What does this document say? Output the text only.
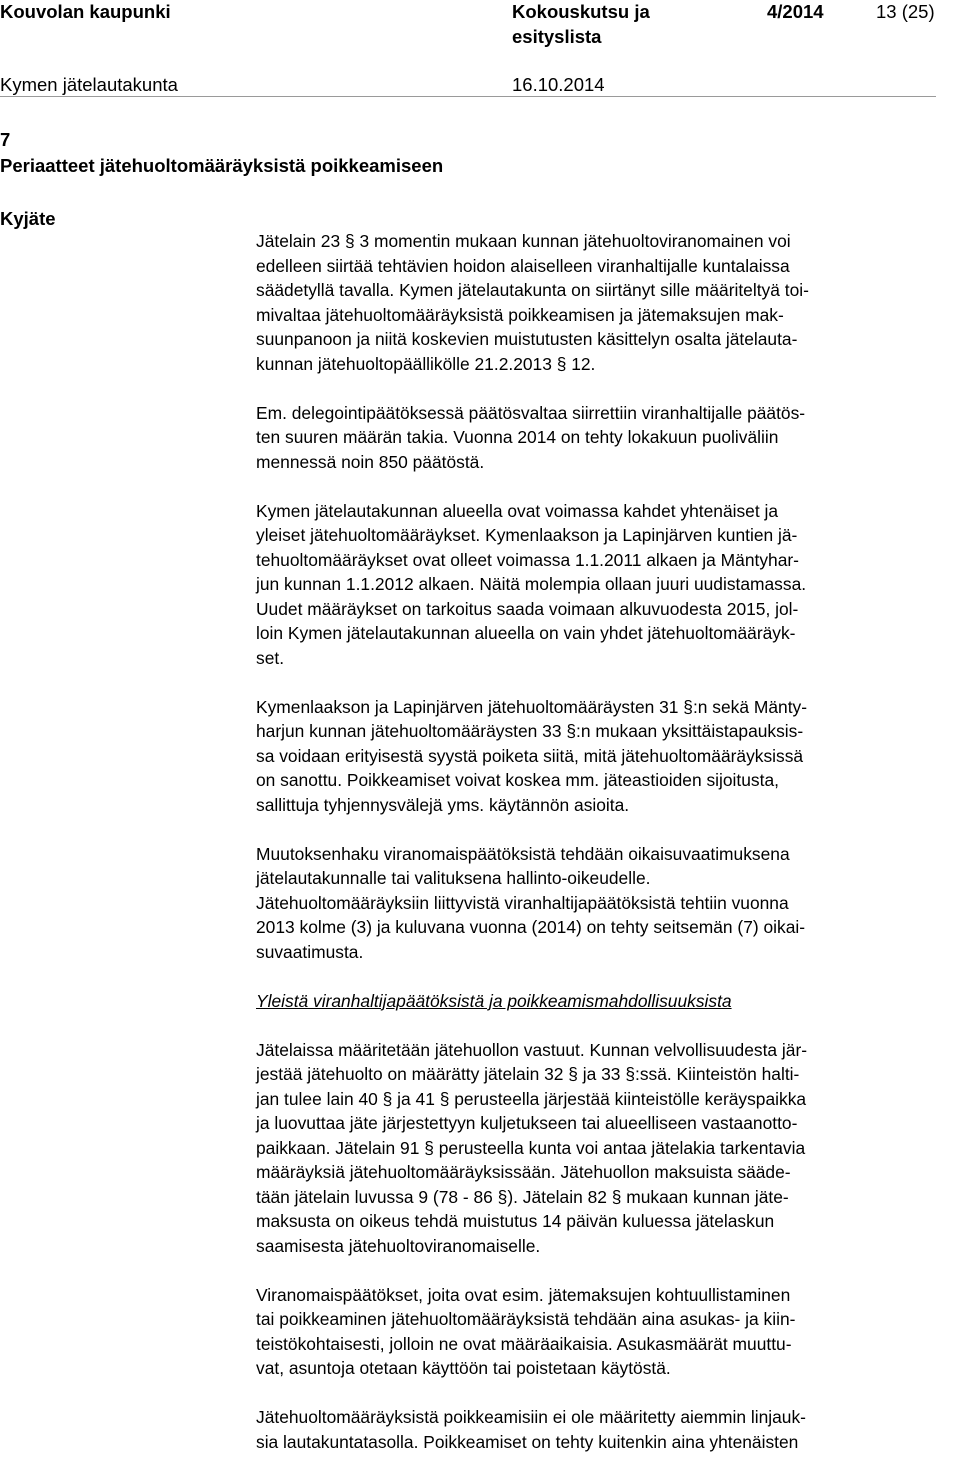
Kouvolan kaupunki	Kokouskutsu ja
esityslista
4/2014	13 (25)
Kymen jätelautakunta	16.10.2014
7
Periaatteet jätehuoltomääräyksistä poikkeamiseen
Kyjäte
Jätelain 23 § 3 momentin mukaan kunnan jätehuoltoviranomainen voi
edelleen siirtää tehtävien hoidon alaiselleen viranhaltijalle kuntalaissa
säädetyllä tavalla. Kymen jätelautakunta on siirtänyt sille määriteltyä toi-
mivaltaa jätehuoltomääräyksistä poikkeamisen ja jätemaksujen mak-
suunpanoon ja niitä koskevien muistutusten käsittelyn osalta jätelauta-
kunnan jätehuoltopäällikölle 21.2.2013 § 12.
Em. delegointipäätöksessä päätösvaltaa siirrettiin viranhaltijalle päätös-
ten suuren määrän takia. Vuonna 2014 on tehty lokakuun puoliväliin
mennessä noin 850 päätöstä.
Kymen jätelautakunnan alueella ovat voimassa kahdet yhtenäiset ja
yleiset jätehuoltomääräykset. Kymenlaakson ja Lapinjärven kuntien jä-
tehuoltomääräykset ovat olleet voimassa 1.1.2011 alkaen ja Mäntyhar-
jun kunnan 1.1.2012 alkaen. Näitä molempia ollaan juuri uudistamassa.
Uudet määräykset on tarkoitus saada voimaan alkuvuodesta 2015, jol-
loin Kymen jätelautakunnan alueella on vain yhdet jätehuoltomääräyk-
set.
Kymenlaakson ja Lapinjärven jätehuoltomääräysten 31 §:n sekä Mänty-
harjun kunnan jätehuoltomääräysten 33 §:n mukaan yksittäistapauksis-
sa voidaan erityisestä syystä poiketa siitä, mitä jätehuoltomääräyksissä
on sanottu. Poikkeamiset voivat koskea mm. jäteastioiden sijoitusta,
sallittuja tyhjennysvälejä yms. käytännön asioita.
Muutoksenhaku viranomaispäätöksistä tehdään oikaisuvaatimuksena
jätelautakunnalle tai valituksena hallinto-oikeudelle.
Jätehuoltomääräyksiin liittyvistä viranhaltijapäätöksistä tehtiin vuonna
2013 kolme (3) ja kuluvana vuonna (2014) on tehty seitsemän (7) oikai-
suvaatimusta.
Yleistä viranhaltijapäätöksistä ja poikkeamismahdollisuuksista
Jätelaissa määritetään jätehuollon vastuut. Kunnan velvollisuudesta jär-
jestää jätehuolto on määrätty jätelain 32 § ja 33 §:ssä. Kiinteistön halti-
jan tulee lain 40 § ja 41 § perusteella järjestää kiinteistölle keräyspaikka
ja luovuttaa jäte järjestettyyn kuljetukseen tai alueelliseen vastaanotto-
paikkaan. Jätelain 91 § perusteella kunta voi antaa jätelakia tarkentavia
määräyksiä jätehuoltomääräyksissään. Jätehuollon maksuista sääde-
tään jätelain luvussa 9 (78 - 86 §). Jätelain 82 § mukaan kunnan jäte-
maksusta on oikeus tehdä muistutus 14 päivän kuluessa jätelaskun
saamisesta jätehuoltoviranomaiselle.
Viranomaispäätökset, joita ovat esim. jätemaksujen kohtuullistaminen
tai poikkeaminen jätehuoltomääräyksistä tehdään aina asukas- ja kiin-
teistökohtaisesti, jolloin ne ovat määräaikaisia. Asukasmäärät muuttu-
vat, asuntoja otetaan käyttöön tai poistetaan käytöstä.
Jätehuoltomääräyksistä poikkeamisiin ei ole määritetty aiemmin linjauk-
sia lautakuntatasolla. Poikkeamiset on tehty kuitenkin aina yhtenäisten
